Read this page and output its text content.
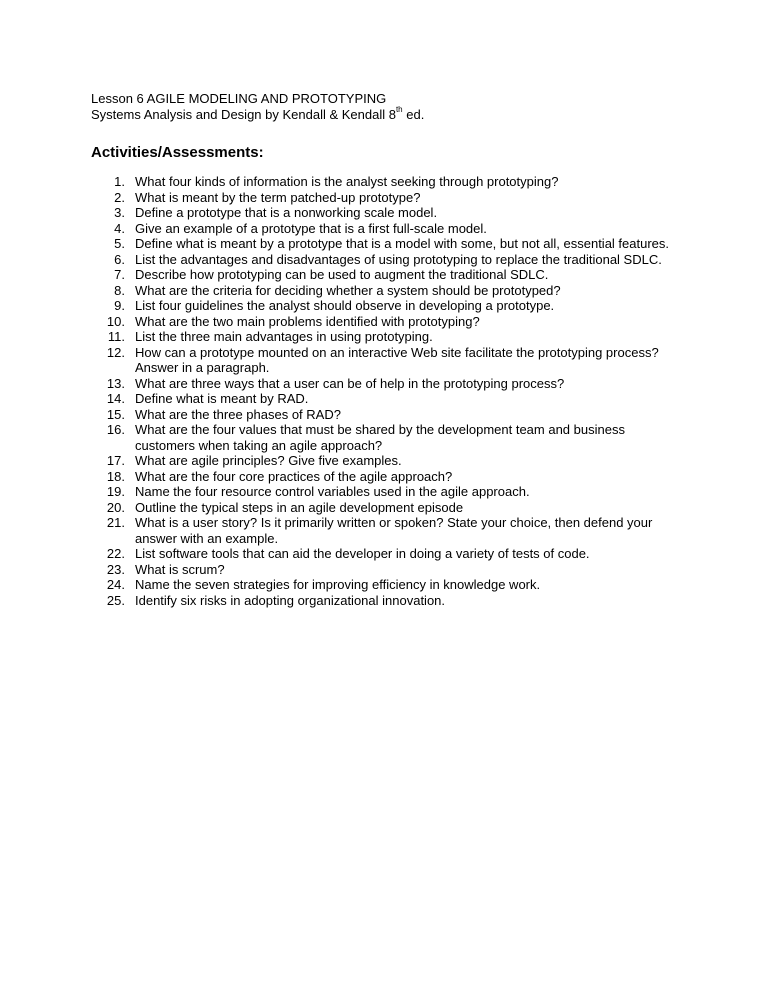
Lesson 6 AGILE MODELING AND PROTOTYPING
Systems Analysis and Design by Kendall & Kendall 8th ed.
Activities/Assessments:
1. What four kinds of information is the analyst seeking through prototyping?
2. What is meant by the term patched-up prototype?
3. Define a prototype that is a nonworking scale model.
4. Give an example of a prototype that is a first full-scale model.
5. Define what is meant by a prototype that is a model with some, but not all, essential features.
6. List the advantages and disadvantages of using prototyping to replace the traditional SDLC.
7. Describe how prototyping can be used to augment the traditional SDLC.
8. What are the criteria for deciding whether a system should be prototyped?
9. List four guidelines the analyst should observe in developing a prototype.
10. What are the two main problems identified with prototyping?
11. List the three main advantages in using prototyping.
12. How can a prototype mounted on an interactive Web site facilitate the prototyping process? Answer in a paragraph.
13. What are three ways that a user can be of help in the prototyping process?
14. Define what is meant by RAD.
15. What are the three phases of RAD?
16. What are the four values that must be shared by the development team and business customers when taking an agile approach?
17. What are agile principles? Give five examples.
18. What are the four core practices of the agile approach?
19. Name the four resource control variables used in the agile approach.
20. Outline the typical steps in an agile development episode
21. What is a user story? Is it primarily written or spoken? State your choice, then defend your answer with an example.
22. List software tools that can aid the developer in doing a variety of tests of code.
23. What is scrum?
24. Name the seven strategies for improving efficiency in knowledge work.
25. Identify six risks in adopting organizational innovation.
